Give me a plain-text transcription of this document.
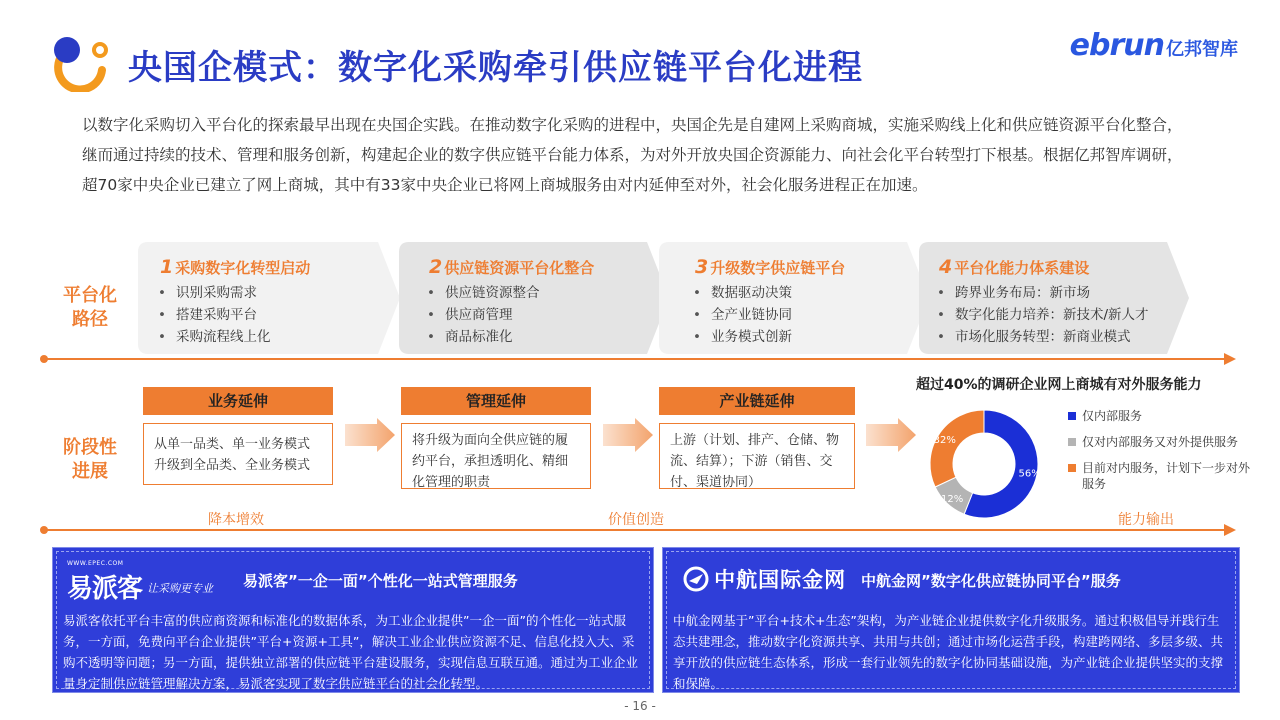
央国企模式：数字化采购牵引供应链平台化进程
ebrun 亿邦智库
以数字化采购切入平台化的探索最早出现在央国企实践。在推动数字化采购的进程中，央国企先是自建网上采购商城，实施采购线上化和供应链资源平台化整合，继而通过持续的技术、管理和服务创新，构建起企业的数字供应链平台能力体系，为对外开放央国企资源能力、向社会化平台转型打下根基。根据亿邦智库调研，超70家中央企业已建立了网上商城，其中有33家中央企业已将网上商城服务由对内延伸至对外，社会化服务进程正在加速。
平台化
路径
1 采购数字化转型启动
• 识别采购需求
• 搭建采购平台
• 采购流程线上化
2 供应链资源平台化整合
• 供应链资源整合
• 供应商管理
• 商品标准化
3 升级数字供应链平台
• 数据驱动决策
• 全产业链协同
• 业务模式创新
4 平台化能力体系建设
• 跨界业务布局：新市场
• 数字化能力培养：新技术/新人才
• 市场化服务转型：新商业模式
阶段性
进展
业务延伸
从单一品类、单一业务模式升级到全品类、全业务模式
管理延伸
将升级为面向全供应链的履约平台，承担透明化、精细化管理的职责
产业链延伸
上游（计划、排产、仓储、物流、结算）；下游（销售、交付、渠道协同）
超过40%的调研企业网上商城有对外服务能力
56%
12%
32%
仅内部服务
仅对内部服务又对外提供服务
目前对内服务，计划下一步对外服务
降本增效	价值创造	能力输出
WWW.EPEC.COM
易派客 让采购更专业 易派客”一企一面”个性化一站式管理服务
易派客依托平台丰富的供应商资源和标准化的数据体系，为工业企业提供”一企一面”的个性化一站式服务，一方面，免费向平台企业提供”平台+资源+工具”，解决工业企业供应资源不足、信息化投入大、采购不透明等问题；另一方面，提供独立部署的供应链平台建设服务，实现信息互联互通。通过为工业企业量身定制供应链管理解决方案，易派客实现了数字供应链平台的社会化转型。
中航国际金网 中航金网”数字化供应链协同平台”服务
中航金网基于”平台+技术+生态”架构，为产业链企业提供数字化升级服务。通过积极倡导并践行生态共建理念，推动数字化资源共享、共用与共创；通过市场化运营手段，构建跨网络、多层多级、共享开放的供应链生态体系，形成一套行业领先的数字化协同基础设施，为产业链企业提供坚实的支撑和保障。
- 16 -
